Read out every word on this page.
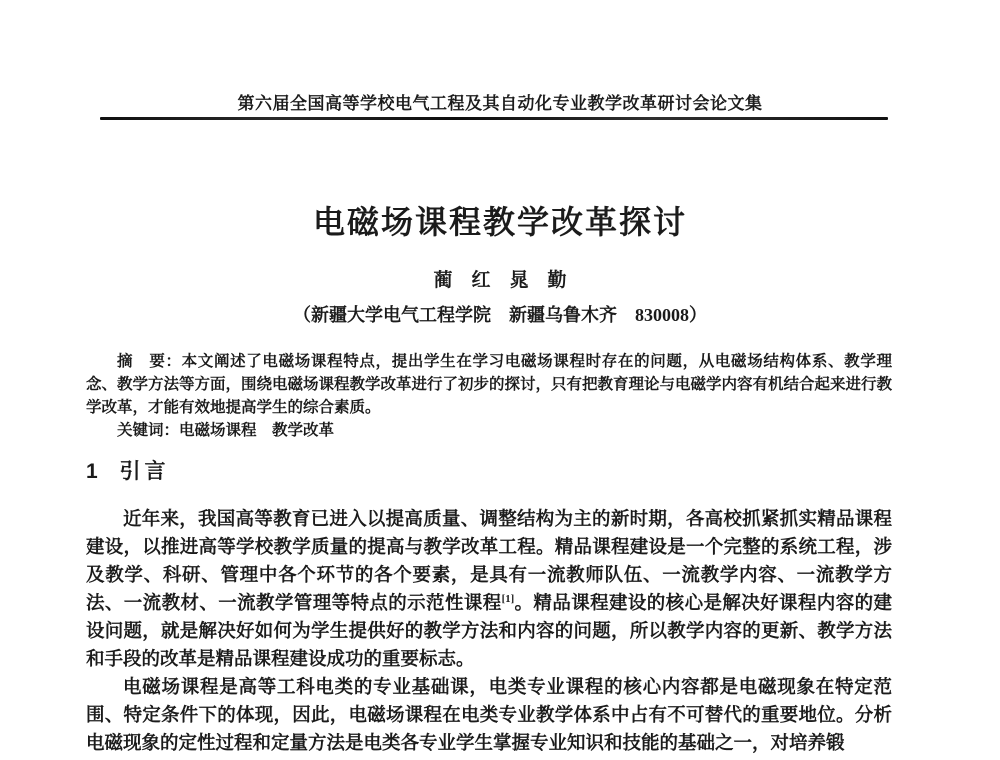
第六届全国高等学校电气工程及其自动化专业教学改革研讨会论文集
电磁场课程教学改革探讨
蔺　红　晁　勤
（新疆大学电气工程学院　新疆乌鲁木齐　830008）

摘　要：本文阐述了电磁场课程特点，提出学生在学习电磁场课程时存在的问题，从电磁场结构体系、教学理念、教学方法等方面，围绕电磁场课程教学改革进行了初步的探讨，只有把教育理论与电磁学内容有机结合起来进行教学改革，才能有效地提高学生的综合素质。

关键词：电磁场课程　教学改革

1 引言

近年来，我国高等教育已进入以提高质量、调整结构为主的新时期，各高校抓紧抓实精品课程建设，以推进高等学校教学质量的提高与教学改革工程。精品课程建设是一个完整的系统工程，涉及教学、科研、管理中各个环节的各个要素，是具有一流教师队伍、一流教学内容、一流教学方法、一流教材、一流教学管理等特点的示范性课程[1]。精品课程建设的核心是解决好课程内容的建设问题，就是解决好如何为学生提供好的教学方法和内容的问题，所以教学内容的更新、教学方法和手段的改革是精品课程建设成功的重要标志。

电磁场课程是高等工科电类的专业基础课，电类专业课程的核心内容都是电磁现象在特定范围、特定条件下的体现，因此，电磁场课程在电类专业教学体系中占有不可替代的重要地位。分析电磁现象的定性过程和定量方法是电类各专业学生掌握专业知识和技能的基础之一，对培养锻
